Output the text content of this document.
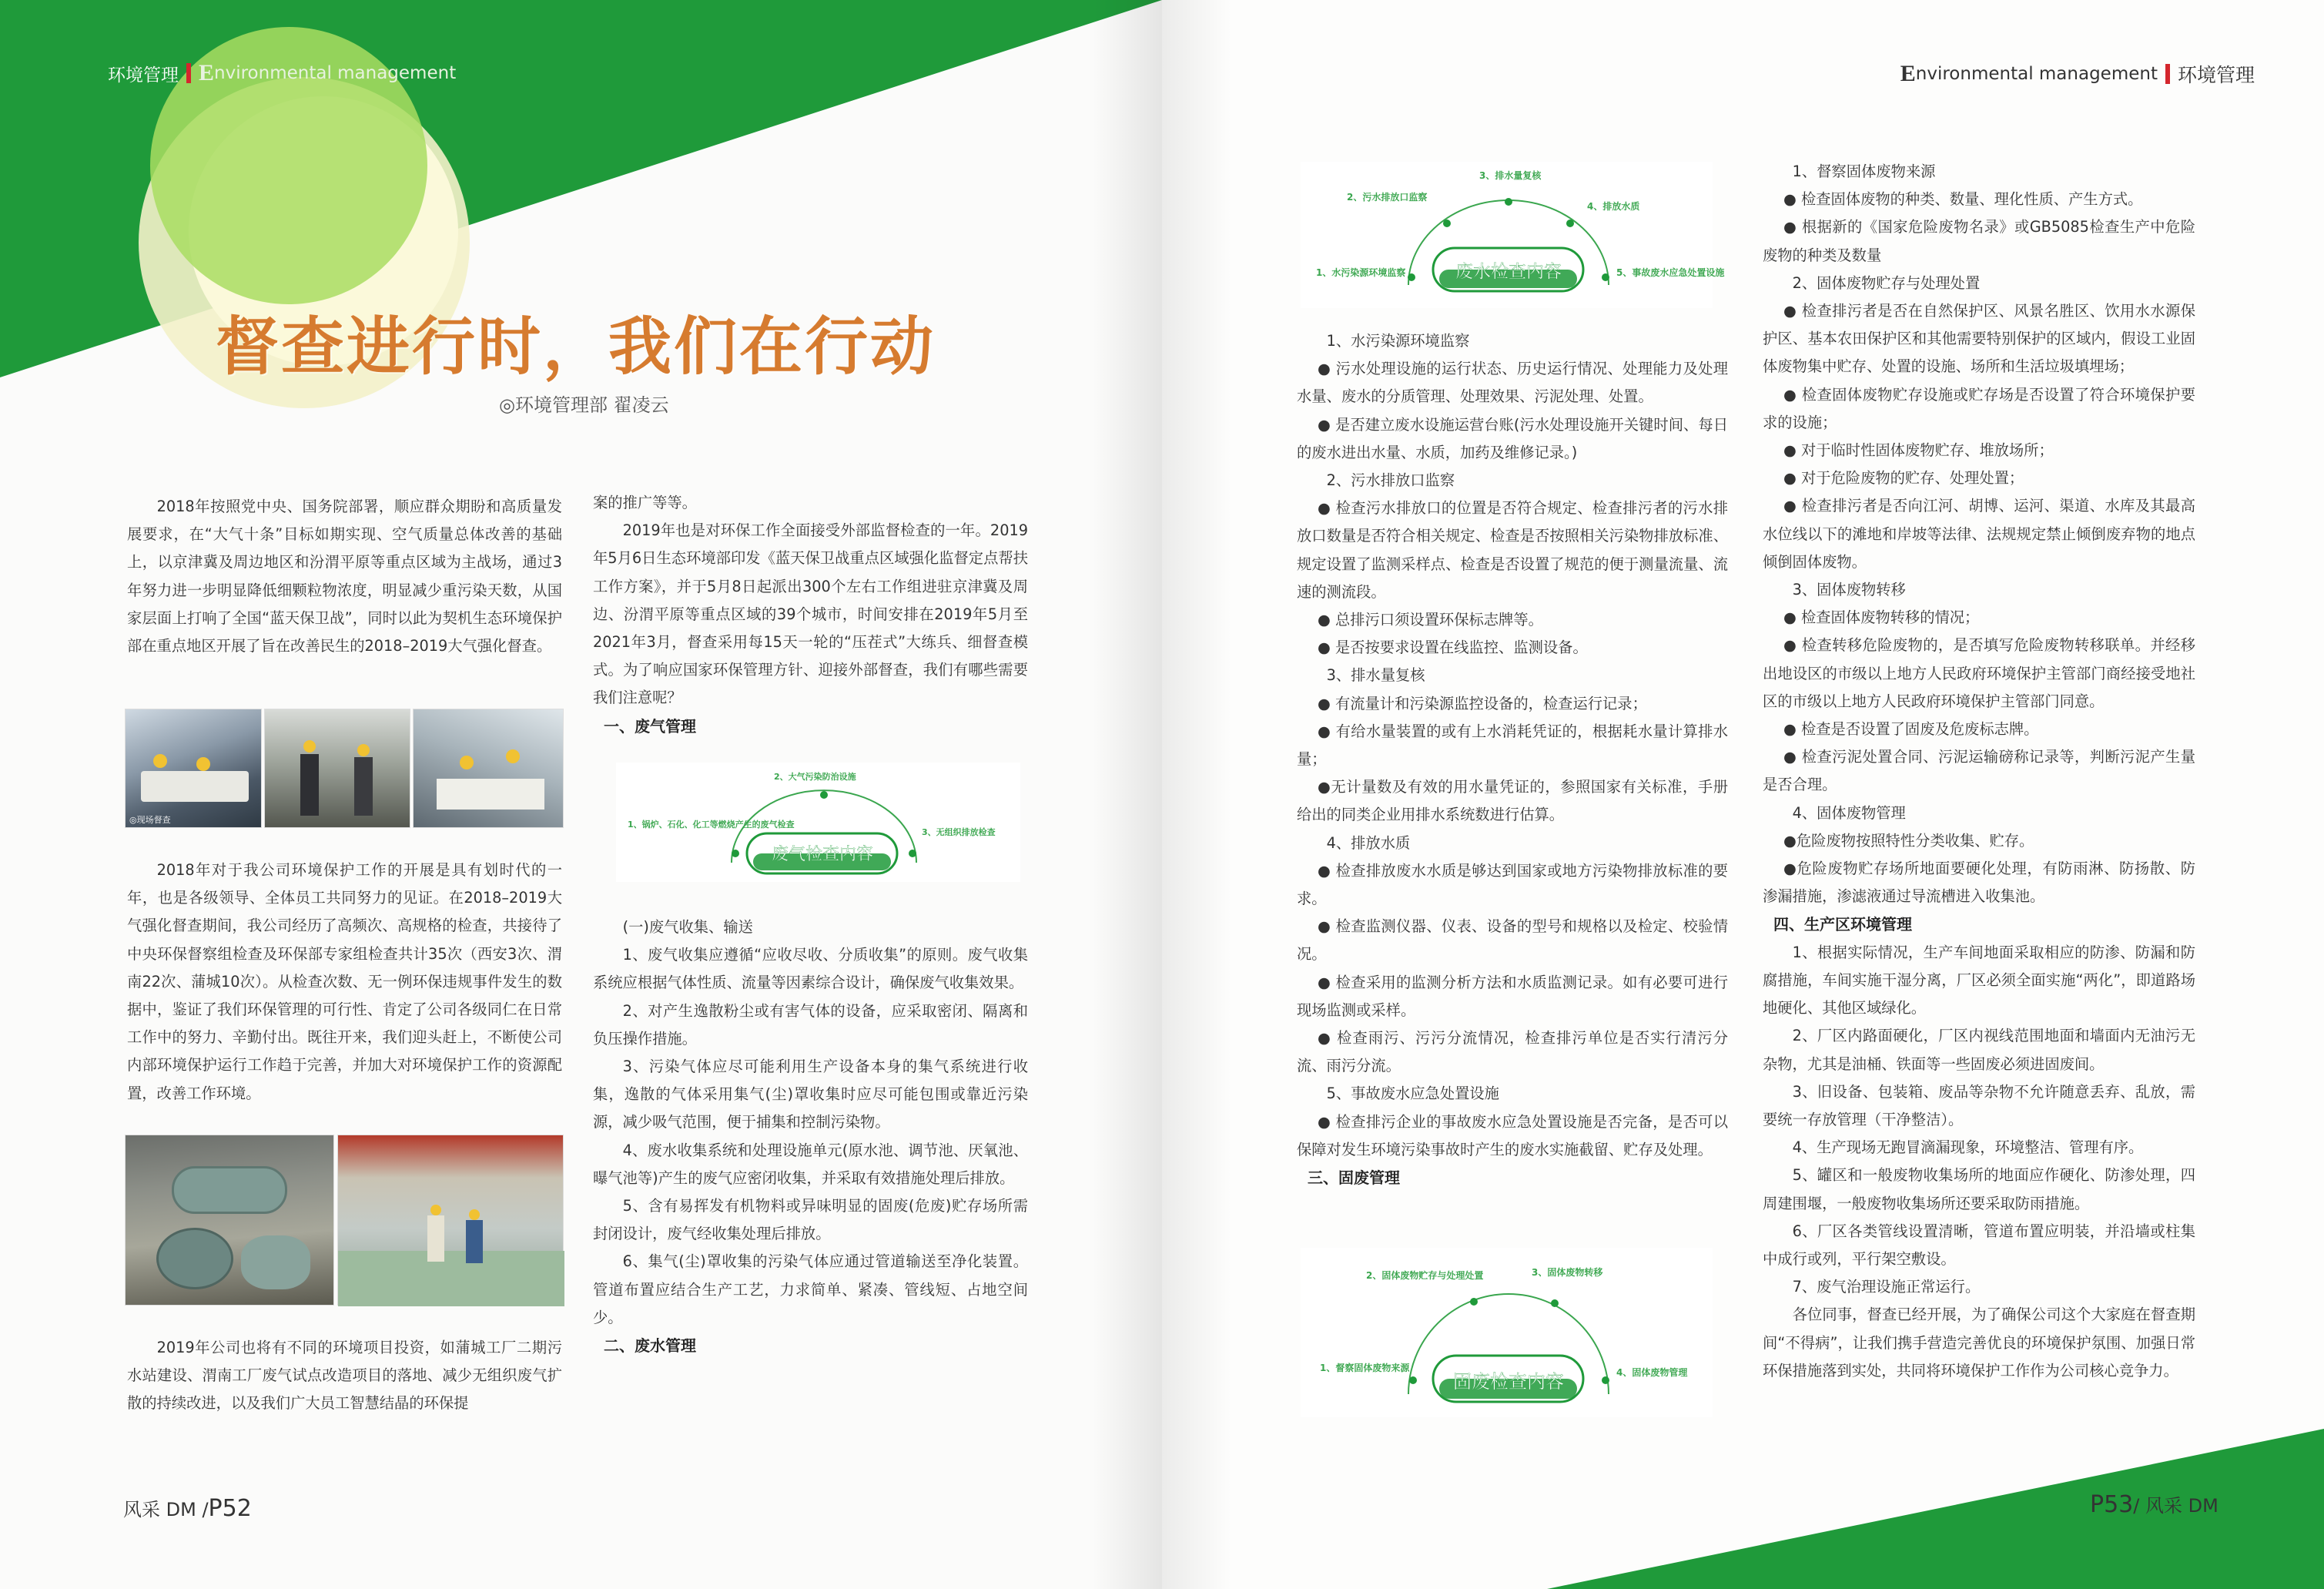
环境管理 E nvironmental management
督查进行时，我们在行动
◎环境管理部 翟凌云

2018年按照党中央、国务院部署，顺应群众期盼和高质量发展要求，在“大气十条”目标如期实现、空气质量总体改善的基础上，以京津冀及周边地区和汾渭平原等重点区域为主战场，通过3年努力进一步明显降低细颗粒物浓度，明显减少重污染天数，从国家层面上打响了全国“蓝天保卫战”，同时以此为契机生态环境保护部在重点地区开展了旨在改善民生的2018–2019大气强化督查。

◎现场督查

2018年对于我公司环境保护工作的开展是具有划时代的一年，也是各级领导、全体员工共同努力的见证。在2018–2019大气强化督查期间，我公司经历了高频次、高规格的检查，共接待了中央环保督察组检查及环保部专家组检查共计35次（西安3次、渭南22次、蒲城10次）。从检查次数、无一例环保违规事件发生的数据中，鉴证了我们环保管理的可行性、肯定了公司各级同仁在日常工作中的努力、辛勤付出。既往开来，我们迎头赶上，不断使公司内部环境保护运行工作趋于完善，并加大对环境保护工作的资源配置，改善工作环境。

2019年公司也将有不同的环境项目投资，如蒲城工厂二期污水站建设、渭南工厂废气试点改造项目的落地、减少无组织废气扩散的持续改进，以及我们广大员工智慧结晶的环保提

案的推广等等。

2019年也是对环保工作全面接受外部监督检查的一年。2019年5月6日生态环境部印发《蓝天保卫战重点区域强化监督定点帮扶工作方案》，并于5月8日起派出300个左右工作组进驻京津冀及周边、汾渭平原等重点区域的39个城市，时间安排在2019年5月至2021年3月，督查采用每15天一轮的“压茬式”大练兵、细督查模式。为了响应国家环保管理方针、迎接外部督查，我们有哪些需要我们注意呢？

一、废气管理
废气检查内容
1、锅炉、石化、化工等燃烧产生的废气检查
2、大气污染防治设施
3、无组织排放检查

(一)废气收集、输送

1、废气收集应遵循“应收尽收、分质收集”的原则。废气收集系统应根据气体性质、流量等因素综合设计，确保废气收集效果。

2、对产生逸散粉尘或有害气体的设备，应采取密闭、隔离和负压操作措施。

3、污染气体应尽可能利用生产设备本身的集气系统进行收集，逸散的气体采用集气(尘)罩收集时应尽可能包围或靠近污染源，减少吸气范围，便于捕集和控制污染物。

4、废水收集系统和处理设施单元(原水池、调节池、厌氧池、曝气池等)产生的废气应密闭收集，并采取有效措施处理后排放。

5、含有易挥发有机物料或异味明显的固废(危废)贮存场所需封闭设计，废气经收集处理后排放。

6、集气(尘)罩收集的污染气体应通过管道输送至净化装置。管道布置应结合生产工艺，力求简单、紧凑、管线短、占地空间少。

二、废水管理
风采 DM /P52
E nvironmental management 环境管理
废水检查内容
1、水污染源环境监察
2、污水排放口监察
3、排水量复核
4、排放水质
5、事故废水应急处置设施

1、水污染源环境监察

● 污水处理设施的运行状态、历史运行情况、处理能力及处理水量、废水的分质管理、处理效果、污泥处理、处置。

● 是否建立废水设施运营台账(污水处理设施开关键时间、每日的废水进出水量、水质，加药及维修记录。)

2、污水排放口监察

● 检查污水排放口的位置是否符合规定、检查排污者的污水排放口数量是否符合相关规定、检查是否按照相关污染物排放标准、规定设置了监测采样点、检查是否设置了规范的便于测量流量、流速的测流段。

● 总排污口须设置环保标志牌等。

● 是否按要求设置在线监控、监测设备。

3、排水量复核

● 有流量计和污染源监控设备的，检查运行记录；

● 有给水量装置的或有上水消耗凭证的，根据耗水量计算排水量；

●无计量数及有效的用水量凭证的，参照国家有关标准，手册给出的同类企业用排水系统数进行估算。

4、排放水质

● 检查排放废水水质是够达到国家或地方污染物排放标准的要求。

● 检查监测仪器、仪表、设备的型号和规格以及检定、校验情况。

● 检查采用的监测分析方法和水质监测记录。如有必要可进行现场监测或采样。

● 检查雨污、污污分流情况，检查排污单位是否实行清污分流、雨污分流。

5、事故废水应急处置设施

● 检查排污企业的事故废水应急处置设施是否完备，是否可以保障对发生环境污染事故时产生的废水实施截留、贮存及处理。

三、固废管理
固废检查内容
1、督察固体废物来源
2、固体废物贮存与处理处置	3、固体废物转移
4、固体废物管理

1、督察固体废物来源

● 检查固体废物的种类、数量、理化性质、产生方式。

● 根据新的《国家危险废物名录》或GB5085检查生产中危险废物的种类及数量

2、固体废物贮存与处理处置

● 检查排污者是否在自然保护区、风景名胜区、饮用水水源保护区、基本农田保护区和其他需要特别保护的区域内，假设工业固体废物集中贮存、处置的设施、场所和生活垃圾填埋场；

● 检查固体废物贮存设施或贮存场是否设置了符合环境保护要求的设施；

● 对于临时性固体废物贮存、堆放场所；

● 对于危险废物的贮存、处理处置；

● 检查排污者是否向江河、胡博、运河、渠道、水库及其最高水位线以下的滩地和岸坡等法律、法规规定禁止倾倒废弃物的地点倾倒固体废物。

3、固体废物转移

● 检查固体废物转移的情况；

● 检查转移危险废物的，是否填写危险废物转移联单。并经移出地设区的市级以上地方人民政府环境保护主管部门商经接受地社区的市级以上地方人民政府环境保护主管部门同意。

● 检查是否设置了固废及危废标志牌。

● 检查污泥处置合同、污泥运输磅称记录等，判断污泥产生量是否合理。

4、固体废物管理

●危险废物按照特性分类收集、贮存。

●危险废物贮存场所地面要硬化处理，有防雨淋、防扬散、防渗漏措施，渗滤液通过导流槽进入收集池。

四、生产区环境管理

1、根据实际情况，生产车间地面采取相应的防渗、防漏和防腐措施，车间实施干湿分离，厂区必须全面实施“两化”，即道路场地硬化、其他区域绿化。

2、厂区内路面硬化，厂区内视线范围地面和墙面内无油污无杂物，尤其是油桶、铁面等一些固废必须进固废间。

3、旧设备、包装箱、废品等杂物不允许随意丢弃、乱放，需要统一存放管理（干净整洁）。

4、生产现场无跑冒滴漏现象，环境整洁、管理有序。

5、罐区和一般废物收集场所的地面应作硬化、防渗处理，四周建围堰，一般废物收集场所还要采取防雨措施。

6、厂区各类管线设置清晰，管道布置应明装，并沿墙或柱集中成行或列，平行架空敷设。

7、废气治理设施正常运行。

各位同事，督查已经开展，为了确保公司这个大家庭在督查期间“不得病”，让我们携手营造完善优良的环境保护氛围、加强日常环保措施落到实处，共同将环境保护工作作为公司核心竞争力。

P53/ 风采 DM
